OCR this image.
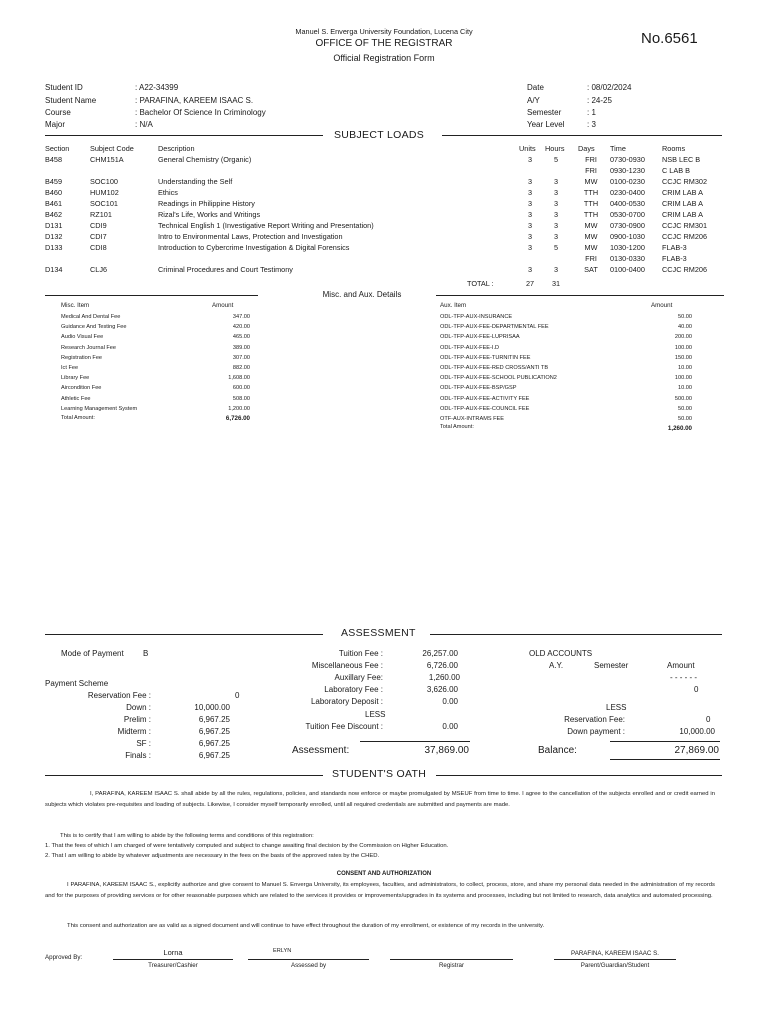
Manuel S. Enverga University Foundation, Lucena City
OFFICE OF THE REGISTRAR
Official Registration Form
No.6561
Student ID	: A22-34399
Student Name	: PARAFINA, KAREEM ISAAC S.
Course	: Bachelor Of Science In Criminology
Major	: N/A
Date	: 08/02/2024
A/Y	: 24-25
Semester	: 1
Year Level	: 3
SUBJECT LOADS
Section	Subject Code	Description	Units Hours Days Time	Rooms
B458	CHM151A	General Chemistry (Organic)	3	5	FRI	0730-0930 NSB LEC B
FRI	0930-1230 C LAB B
B459	SOC100	Understanding the Self	3	3	MW	0100-0230 CCJC RM302
B460	HUM102	Ethics	3	3	TTH	0230-0400 CRIM LAB A
B461	SOC101	Readings in Philippine History	3	3	TTH	0400-0530 CRIM LAB A
B462	RZ101	Rizal's Life, Works and Writings	3	3	TTH	0530-0700 CRIM LAB A
D131	CDI9	Technical English 1 (Investigative Report Writing and Presentation)	3	3	MW	0730-0900 CCJC RM301
D132	CDI7	Intro to Environmental Laws, Protection and Investigation	3	3	MW	0900-1030 CCJC RM206
D133	CDI8	Introduction to Cybercrime Investigation & Digital Forensics	3	5	MW	1030-1200 FLAB-3
FRI	0130-0330 FLAB-3
D134	CLJ6	Criminal Procedures and Court Testimony	3	3	SAT	0100-0400 CCJC RM206
TOTAL :	27	31
Misc. and Aux. Details
Misc. Item	Amount
Medical And Dental Fee	347.00
Guidance And Testing Fee	420.00
Audio Visual Fee	465.00
Research Journal Fee	389.00
Registration Fee	307.00
Ict Fee	882.00
Library Fee	1,608.00
Aircondition Fee	600.00
Athletic Fee	508.00
Learning Management System	1,200.00
Total Amount:	6,726.00
Aux. Item	Amount
ODL-TFP-AUX-INSURANCE	50.00
ODL-TFP-AUX-FEE-DEPARTMENTAL FEE	40.00
ODL-TFP-AUX-FEE-LUPRISAA	200.00
ODL-TFP-AUX-FEE-I.D	100.00
ODL-TFP-AUX-FEE-TURNITIN FEE	150.00
ODL-TFP-AUX-FEE-RED CROSS/ANTI TB	10.00
ODL-TFP-AUX-FEE-SCHOOL PUBLICATION2	100.00
ODL-TFP-AUX-FEE-BSP/GSP	10.00
ODL-TFP-AUX-FEE-ACTIVITY FEE	500.00
ODL-TFP-AUX-FEE-COUNCIL FEE	50.00
OTF-AUX-INTRAMS FEE	50.00
Total Amount:	1,260.00
ASSESSMENT
Mode of Payment B
Payment Scheme
Reservation Fee :	0
Down :	10,000.00
Prelim :	6,967.25
Midterm :	6,967.25
SF :	6,967.25
Finals :	6,967.25
Tuition Fee :	26,257.00
Miscellaneous Fee :	6,726.00
Auxillary Fee:	1,260.00
Laboratory Fee :	3,626.00
Laboratory Deposit :	0.00
LESS
Tuition Fee Discount :	0.00
Assessment:	37,869.00
OLD ACCOUNTS
A.Y.	Semester	Amount
- - - - - -
0
LESS
Reservation Fee:	0
Down payment :	10,000.00
Balance:	27,869.00
STUDENT'S OATH
I, PARAFINA, KAREEM ISAAC S. shall abide by all the rules, regulations, policies, and standards now enforce or maybe promulgated by MSEUF from time to time. I agree to the cancellation of the subjects enrolled and or credit earned in subjects which violates pre-requisites and loading of subjects. Likewise, I consider myself temporarily enrolled, until all required credentials are submitted and payments are made.
This is to certify that I am willing to abide by the following terms and conditions of this registration:
1. That the fees of which I am charged of were tentatively computed and subject to change awaiting final decision by the Commission on Higher Education.
2. That I am willing to abide by whatever adjustments are necessary in the fees on the basis of the approved rates by the CHED.
CONSENT AND AUTHORIZATION
I PARAFINA, KAREEM ISAAC S., explicitly authorize and give consent to Manuel S. Enverga University, its employees, faculties, and administrators, to collect, process, store, and share my personal data needed in the administration of my records and for the purposes of providing services or for other reasonable purposes which are related to the services it provides or improvements/upgrades in its systems and processes, including but not limited to research, data analytics and automated processing.
This consent and authorization are as valid as a signed document and will continue to have effect throughout the duration of my enrollment, or existence of my records in the university.
Approved By:
Lorna
Treasurer/Cashier
ERLYN
Assessed by	Registrar
PARAFINA, KAREEM ISAAC S.
Parent/Guardian/Student
